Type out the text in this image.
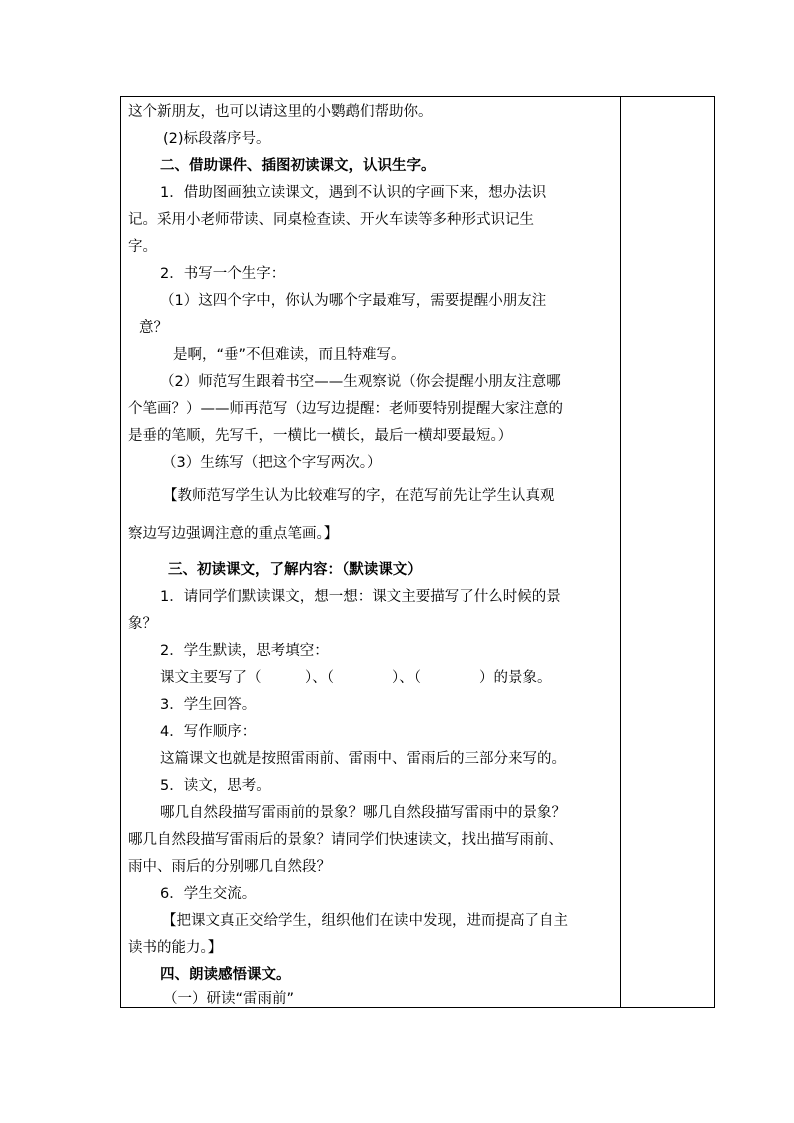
这个新朋友，也可以请这里的小鹦鹉们帮助你。
(2)标段落序号。
二、借助课件、插图初读课文，认识生字。
1．借助图画独立读课文，遇到不认识的字画下来，想办法识
记。采用小老师带读、同桌检查读、开火车读等多种形式识记生
字。
2．书写一个生字：
（1）这四个字中，你认为哪个字最难写，需要提醒小朋友注
意？
是啊，“垂”不但难读，而且特难写。
（2）师范写生跟着书空——生观察说（你会提醒小朋友注意哪
个笔画？）——师再范写（边写边提醒：老师要特别提醒大家注意的
是垂的笔顺，先写千，一横比一横长，最后一横却要最短。）
（3）生练写（把这个字写两次。）
【教师范写学生认为比较难写的字，在范写前先让学生认真观
察边写边强调注意的重点笔画。】
三、初读课文，了解内容：（默读课文）
1．请同学们默读课文，想一想：课文主要描写了什么时候的景
象？
2．学生默读，思考填空：
课文主要写了（　　　）、（　　　　）、（　　　　）的景象。
3．学生回答。
4．写作顺序：
这篇课文也就是按照雷雨前、雷雨中、雷雨后的三部分来写的。
5．读文，思考。
哪几自然段描写雷雨前的景象？哪几自然段描写雷雨中的景象？
哪几自然段描写雷雨后的景象？请同学们快速读文，找出描写雨前、
雨中、雨后的分别哪几自然段？
6．学生交流。
【把课文真正交给学生，组织他们在读中发现，进而提高了自主
读书的能力。】
四、朗读感悟课文。
（一）研读“雷雨前”
